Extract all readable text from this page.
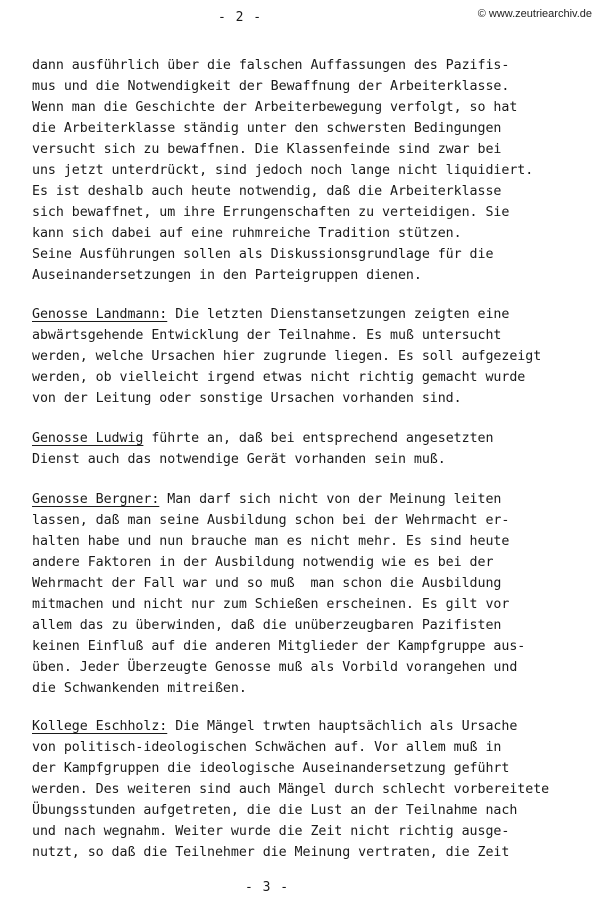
- 2 -	© www.zeutriearchiv.de
dann ausführlich über die falschen Auffassungen des Pazifis-
mus und die Notwendigkeit der Bewaffnung der Arbeiterklasse.
Wenn man die Geschichte der Arbeiterbewegung verfolgt, so hat
die Arbeiterklasse ständig unter den schwersten Bedingungen
versucht sich zu bewaffnen. Die Klassenfeinde sind zwar bei
uns jetzt unterdrückt, sind jedoch noch lange nicht liquidiert.
Es ist deshalb auch heute notwendig, daß die Arbeiterklasse
sich bewaffnet, um ihre Errungenschaften zu verteidigen. Sie
kann sich dabei auf eine ruhmreiche Tradition stützen.
Seine Ausführungen sollen als Diskussionsgrundlage für die
Auseinandersetzungen in den Parteigruppen dienen.
Genosse Landmann: Die letzten Dienstansetzungen zeigten eine
abwärtsgehende Entwicklung der Teilnahme. Es muß untersucht
werden, welche Ursachen hier zugrunde liegen. Es soll aufgezeigt
werden, ob vielleicht irgend etwas nicht richtig gemacht wurde
von der Leitung oder sonstige Ursachen vorhanden sind.
Genosse Ludwig führte an, daß bei entsprechend angesetzten
Dienst auch das notwendige Gerät vorhanden sein muß.
Genosse Bergner: Man darf sich nicht von der Meinung leiten
lassen, daß man seine Ausbildung schon bei der Wehrmacht er-
halten habe und nun brauche man es nicht mehr. Es sind heute
andere Faktoren in der Ausbildung notwendig wie es bei der
Wehrmacht der Fall war und so muß  man schon die Ausbildung
mitmachen und nicht nur zum Schießen erscheinen. Es gilt vor
allem das zu überwinden, daß die unüberzeugbaren Pazifisten
keinen Einfluß auf die anderen Mitglieder der Kampfgruppe aus-
üben. Jeder Überzeugte Genosse muß als Vorbild vorangehen und
die Schwankenden mitreißen.
Kollege Eschholz: Die Mängel trwten hauptsächlich als Ursache
von politisch-ideologischen Schwächen auf. Vor allem muß in
der Kampfgruppen die ideologische Auseinandersetzung geführt
werden. Des weiteren sind auch Mängel durch schlecht vorbereitete
Übungsstunden aufgetreten, die die Lust an der Teilnahme nach
und nach wegnahm. Weiter wurde die Zeit nicht richtig ausge-
nutzt, so daß die Teilnehmer die Meinung vertraten, die Zeit
- 3 -
